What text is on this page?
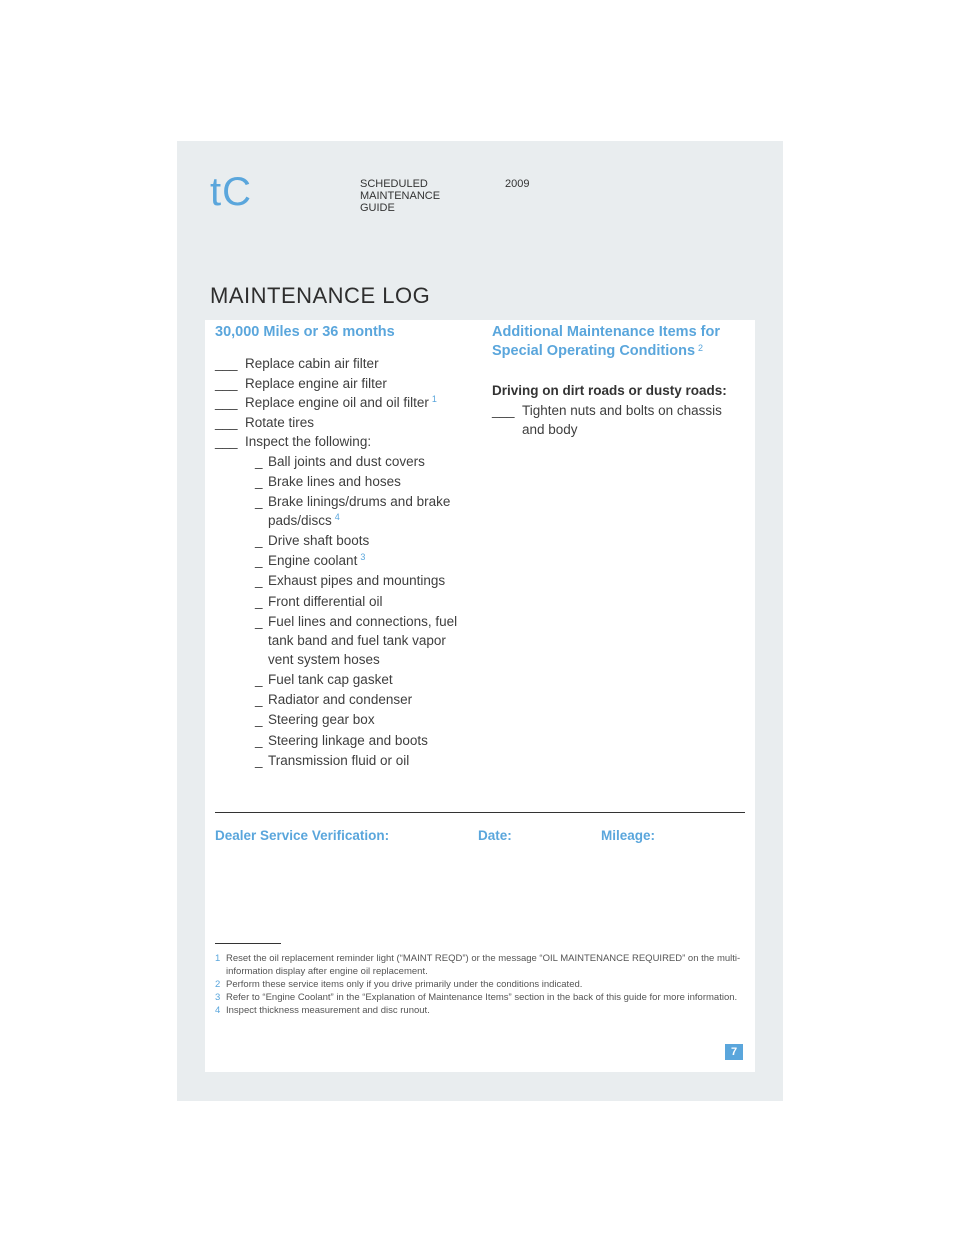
tC	SCHEDULED
MAINTENANCE
GUIDE
2009
MAINTENANCE LOG
30,000 Miles or 36 months
___ Replace cabin air filter
___ Replace engine air filter
___ Replace engine oil and oil filter $^1$
___ Rotate tires
___ Inspect the following:
_ Ball joints and dust covers
_ Brake lines and hoses
_ Brake linings/drums and brake pads/discs $^4$
_ Drive shaft boots
_ Engine coolant $^3$
_ Exhaust pipes and mountings
_ Front differential oil
_ Fuel lines and connections, fuel tank band and fuel tank vapor vent system hoses
_ Fuel tank cap gasket
_ Radiator and condenser
_ Steering gear box
_ Steering linkage and boots
_ Transmission fluid or oil
Additional Maintenance Items for
Special Operating Conditions $^2$
Driving on dirt roads or dusty roads:
___ Tighten nuts and bolts on chassis and body
Dealer Service Verification:	Date:	Mileage:
1 Reset the oil replacement reminder light (“MAINT REQD”) or the message “OIL MAINTENANCE REQUIRED” on the multi-information display after engine oil replacement.
2 Perform these service items only if you drive primarily under the conditions indicated.
3 Refer to “Engine Coolant” in the “Explanation of Maintenance Items” section in the back of this guide for more information.
4 Inspect thickness measurement and disc runout.
7
